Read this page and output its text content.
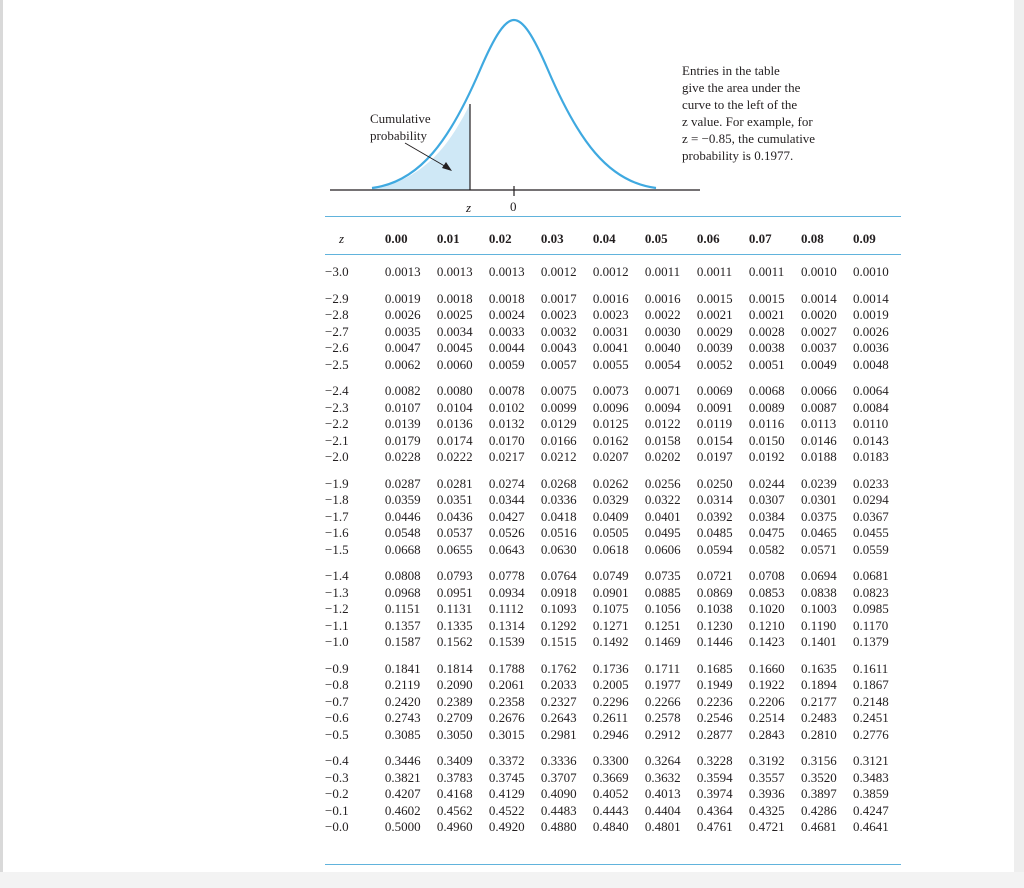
Cumulative
probability
z	0
Entries in the table
give the area under the
curve to the left of the
z value. For example, for
z = −0.85, the cumulative
probability is 0.1977.
z	0.00	0.01	0.02	0.03	0.04	0.05	0.06	0.07	0.08	0.09
−3.0	0.0013	0.0013	0.0013	0.0012	0.0012	0.0011	0.0011	0.0011	0.0010	0.0010
−2.9	0.0019	0.0018	0.0018	0.0017	0.0016	0.0016	0.0015	0.0015	0.0014	0.0014
−2.8	0.0026	0.0025	0.0024	0.0023	0.0023	0.0022	0.0021	0.0021	0.0020	0.0019
−2.7	0.0035	0.0034	0.0033	0.0032	0.0031	0.0030	0.0029	0.0028	0.0027	0.0026
−2.6	0.0047	0.0045	0.0044	0.0043	0.0041	0.0040	0.0039	0.0038	0.0037	0.0036
−2.5	0.0062	0.0060	0.0059	0.0057	0.0055	0.0054	0.0052	0.0051	0.0049	0.0048
−2.4	0.0082	0.0080	0.0078	0.0075	0.0073	0.0071	0.0069	0.0068	0.0066	0.0064
−2.3	0.0107	0.0104	0.0102	0.0099	0.0096	0.0094	0.0091	0.0089	0.0087	0.0084
−2.2	0.0139	0.0136	0.0132	0.0129	0.0125	0.0122	0.0119	0.0116	0.0113	0.0110
−2.1	0.0179	0.0174	0.0170	0.0166	0.0162	0.0158	0.0154	0.0150	0.0146	0.0143
−2.0	0.0228	0.0222	0.0217	0.0212	0.0207	0.0202	0.0197	0.0192	0.0188	0.0183
−1.9	0.0287	0.0281	0.0274	0.0268	0.0262	0.0256	0.0250	0.0244	0.0239	0.0233
−1.8	0.0359	0.0351	0.0344	0.0336	0.0329	0.0322	0.0314	0.0307	0.0301	0.0294
−1.7	0.0446	0.0436	0.0427	0.0418	0.0409	0.0401	0.0392	0.0384	0.0375	0.0367
−1.6	0.0548	0.0537	0.0526	0.0516	0.0505	0.0495	0.0485	0.0475	0.0465	0.0455
−1.5	0.0668	0.0655	0.0643	0.0630	0.0618	0.0606	0.0594	0.0582	0.0571	0.0559
−1.4	0.0808	0.0793	0.0778	0.0764	0.0749	0.0735	0.0721	0.0708	0.0694	0.0681
−1.3	0.0968	0.0951	0.0934	0.0918	0.0901	0.0885	0.0869	0.0853	0.0838	0.0823
−1.2	0.1151	0.1131	0.1112	0.1093	0.1075	0.1056	0.1038	0.1020	0.1003	0.0985
−1.1	0.1357	0.1335	0.1314	0.1292	0.1271	0.1251	0.1230	0.1210	0.1190	0.1170
−1.0	0.1587	0.1562	0.1539	0.1515	0.1492	0.1469	0.1446	0.1423	0.1401	0.1379
−0.9	0.1841	0.1814	0.1788	0.1762	0.1736	0.1711	0.1685	0.1660	0.1635	0.1611
−0.8	0.2119	0.2090	0.2061	0.2033	0.2005	0.1977	0.1949	0.1922	0.1894	0.1867
−0.7	0.2420	0.2389	0.2358	0.2327	0.2296	0.2266	0.2236	0.2206	0.2177	0.2148
−0.6	0.2743	0.2709	0.2676	0.2643	0.2611	0.2578	0.2546	0.2514	0.2483	0.2451
−0.5	0.3085	0.3050	0.3015	0.2981	0.2946	0.2912	0.2877	0.2843	0.2810	0.2776
−0.4	0.3446	0.3409	0.3372	0.3336	0.3300	0.3264	0.3228	0.3192	0.3156	0.3121
−0.3	0.3821	0.3783	0.3745	0.3707	0.3669	0.3632	0.3594	0.3557	0.3520	0.3483
−0.2	0.4207	0.4168	0.4129	0.4090	0.4052	0.4013	0.3974	0.3936	0.3897	0.3859
−0.1	0.4602	0.4562	0.4522	0.4483	0.4443	0.4404	0.4364	0.4325	0.4286	0.4247
−0.0	0.5000	0.4960	0.4920	0.4880	0.4840	0.4801	0.4761	0.4721	0.4681	0.4641
